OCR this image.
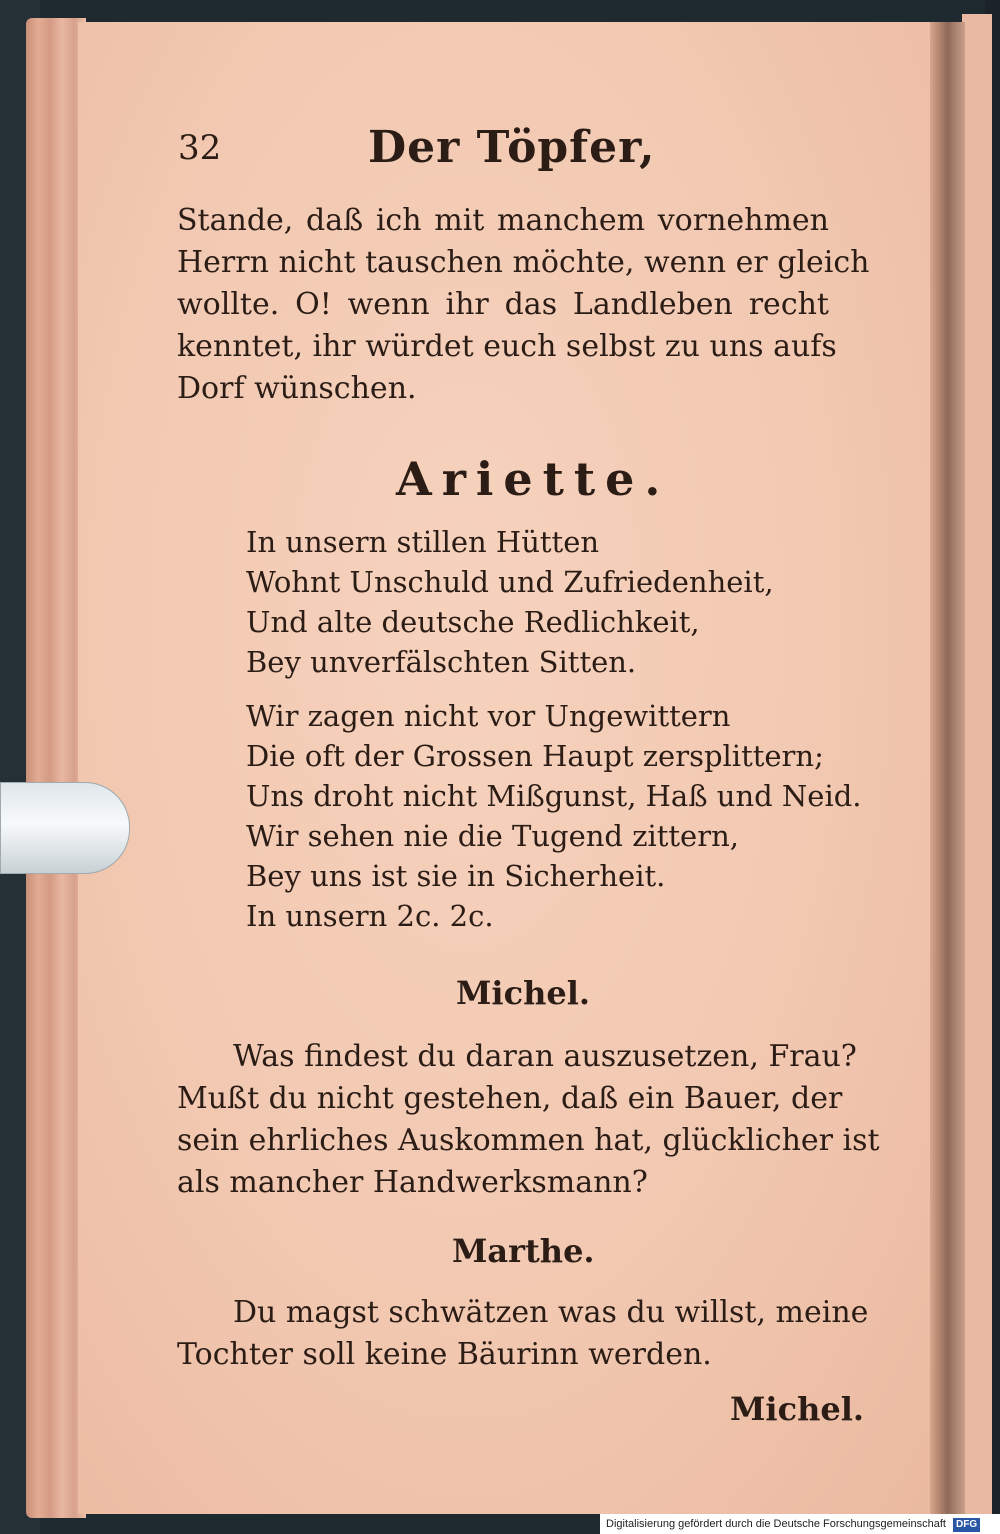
32	Der Töpfer,
Stande, daß ich mit manchem vornehmen
Herrn nicht tauschen möchte, wenn er gleich
wollte. O! wenn ihr das Landleben recht
kenntet, ihr würdet euch selbst zu uns aufs
Dorf wünschen.
Ariette.
In unsern stillen Hütten
Wohnt Unschuld und Zufriedenheit,
Und alte deutsche Redlichkeit,
Bey unverfälschten Sitten.
Wir zagen nicht vor Ungewittern
Die oft der Grossen Haupt zersplittern;
Uns droht nicht Mißgunst, Haß und Neid.
Wir sehen nie die Tugend zittern,
Bey uns ist sie in Sicherheit.
In unsern 2c. 2c.
Michel.
Was findest du daran auszusetzen, Frau?
Mußt du nicht gestehen, daß ein Bauer, der
sein ehrliches Auskommen hat, glücklicher ist
als mancher Handwerksmann?
Marthe.
Du magst schwätzen was du willst, meine
Tochter soll keine Bäurinn werden.
Michel.
Digitalisierung gefördert durch die Deutsche Forschungsgemeinschaft DFG
